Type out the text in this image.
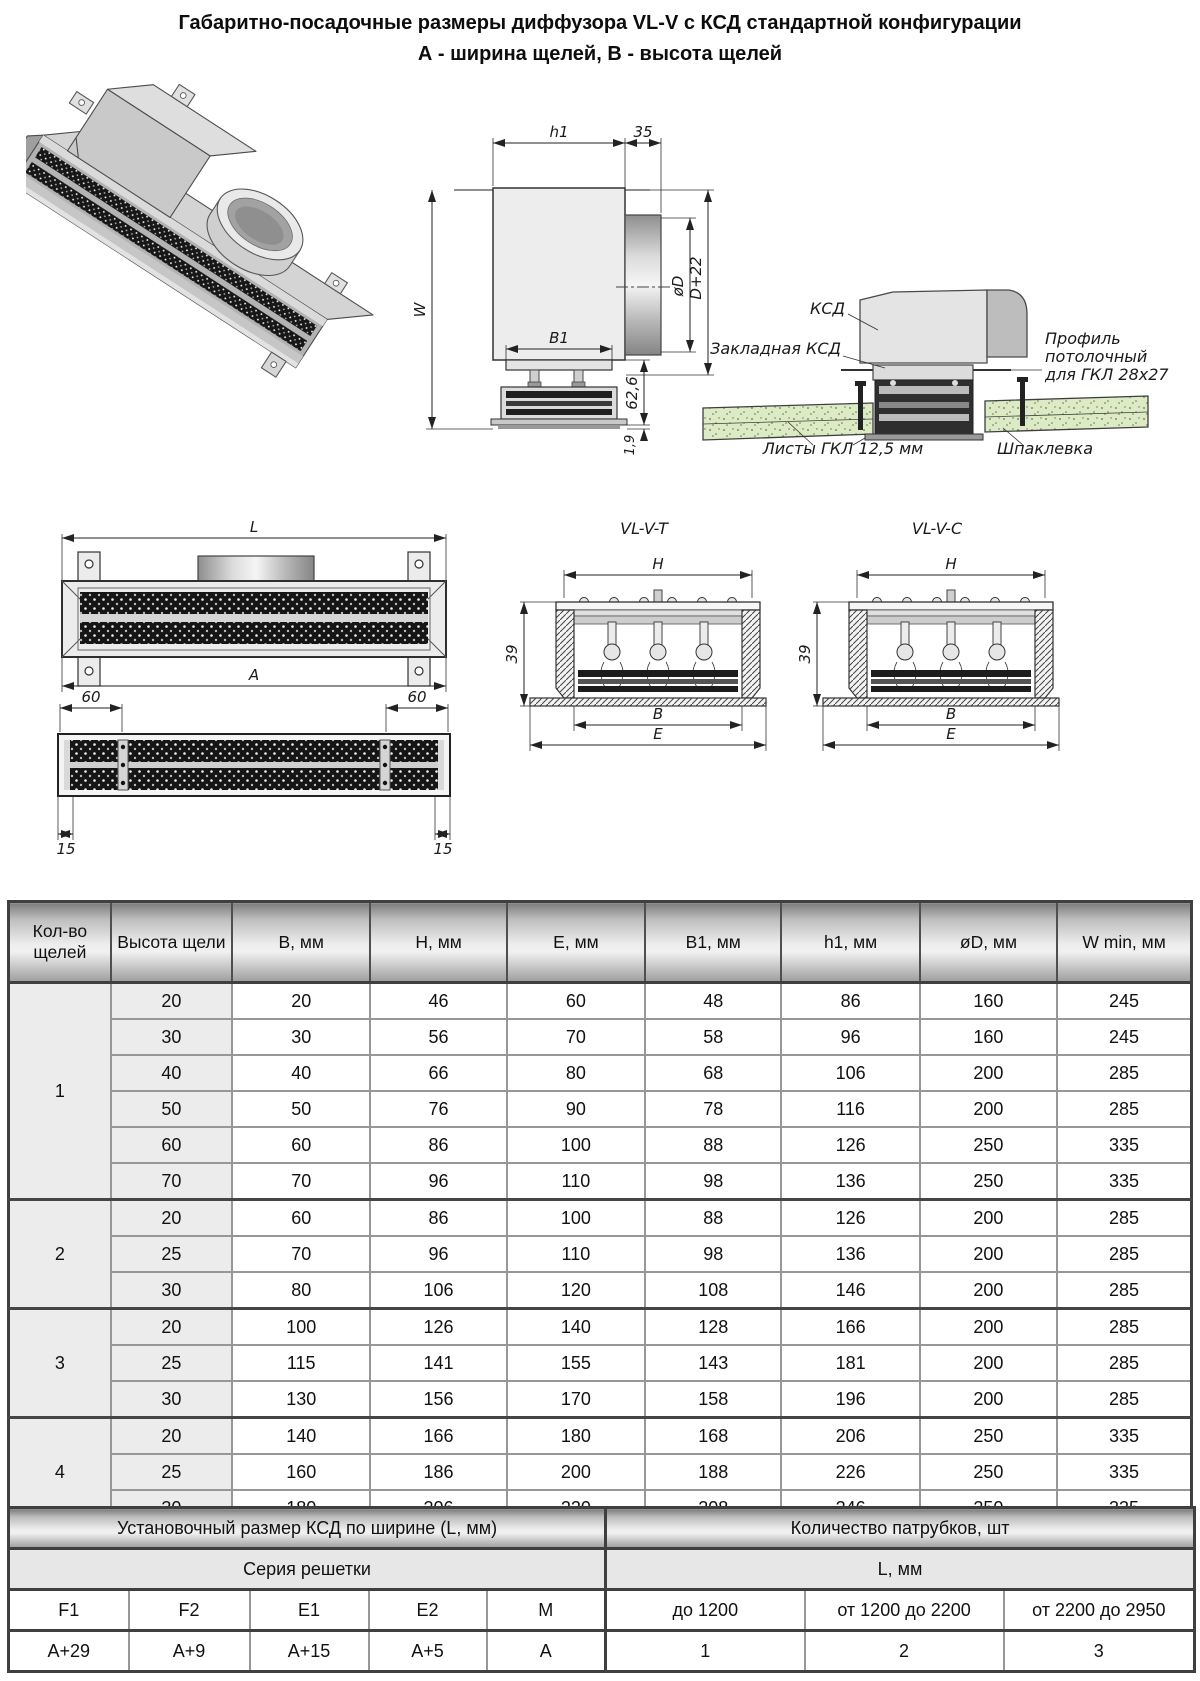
Габаритно-посадочные размеры диффузора VL-V с КСД стандартной конфигурации
А - ширина щелей, В - высота щелей
h1	35
W
øD D+22
B1
62,6
1,9
КСД
Закладная КСД
Профиль
потолочный
для ГКЛ 28х27
Листы ГКЛ 12,5 мм	Шпаклевка
L
A
60	60
15	15
VL-V-T
H
39
B
E
VL-V-C
H
39
B
E
Кол-во щелей	Высота щели	B, мм	H, мм	E, мм	B1, мм	h1, мм	øD, мм	W min, мм
1	20	20	46	60	48	86	160	245
	30	30	56	70	58	96	160	245
	40	40	66	80	68	106	200	285
	50	50	76	90	78	116	200	285
	60	60	86	100	88	126	250	335
	70	70	96	110	98	136	250	335
2	20	60	86	100	88	126	200	285
	25	70	96	110	98	136	200	285
	30	80	106	120	108	146	200	285
3	20	100	126	140	128	166	200	285
	25	115	141	155	143	181	200	285
	30	130	156	170	158	196	200	285
4	20	140	166	180	168	206	250	335
	25	160	186	200	188	226	250	335

Установочный размер КСД по ширине (L, мм)					Количество патрубков, шт		
Серия решетки					L, мм		
F1	F2	E1	E2	M	до 1200	от 1200 до 2200	от 2200 до 2950
A+29	A+9	A+15	A+5	A	1	2	3
